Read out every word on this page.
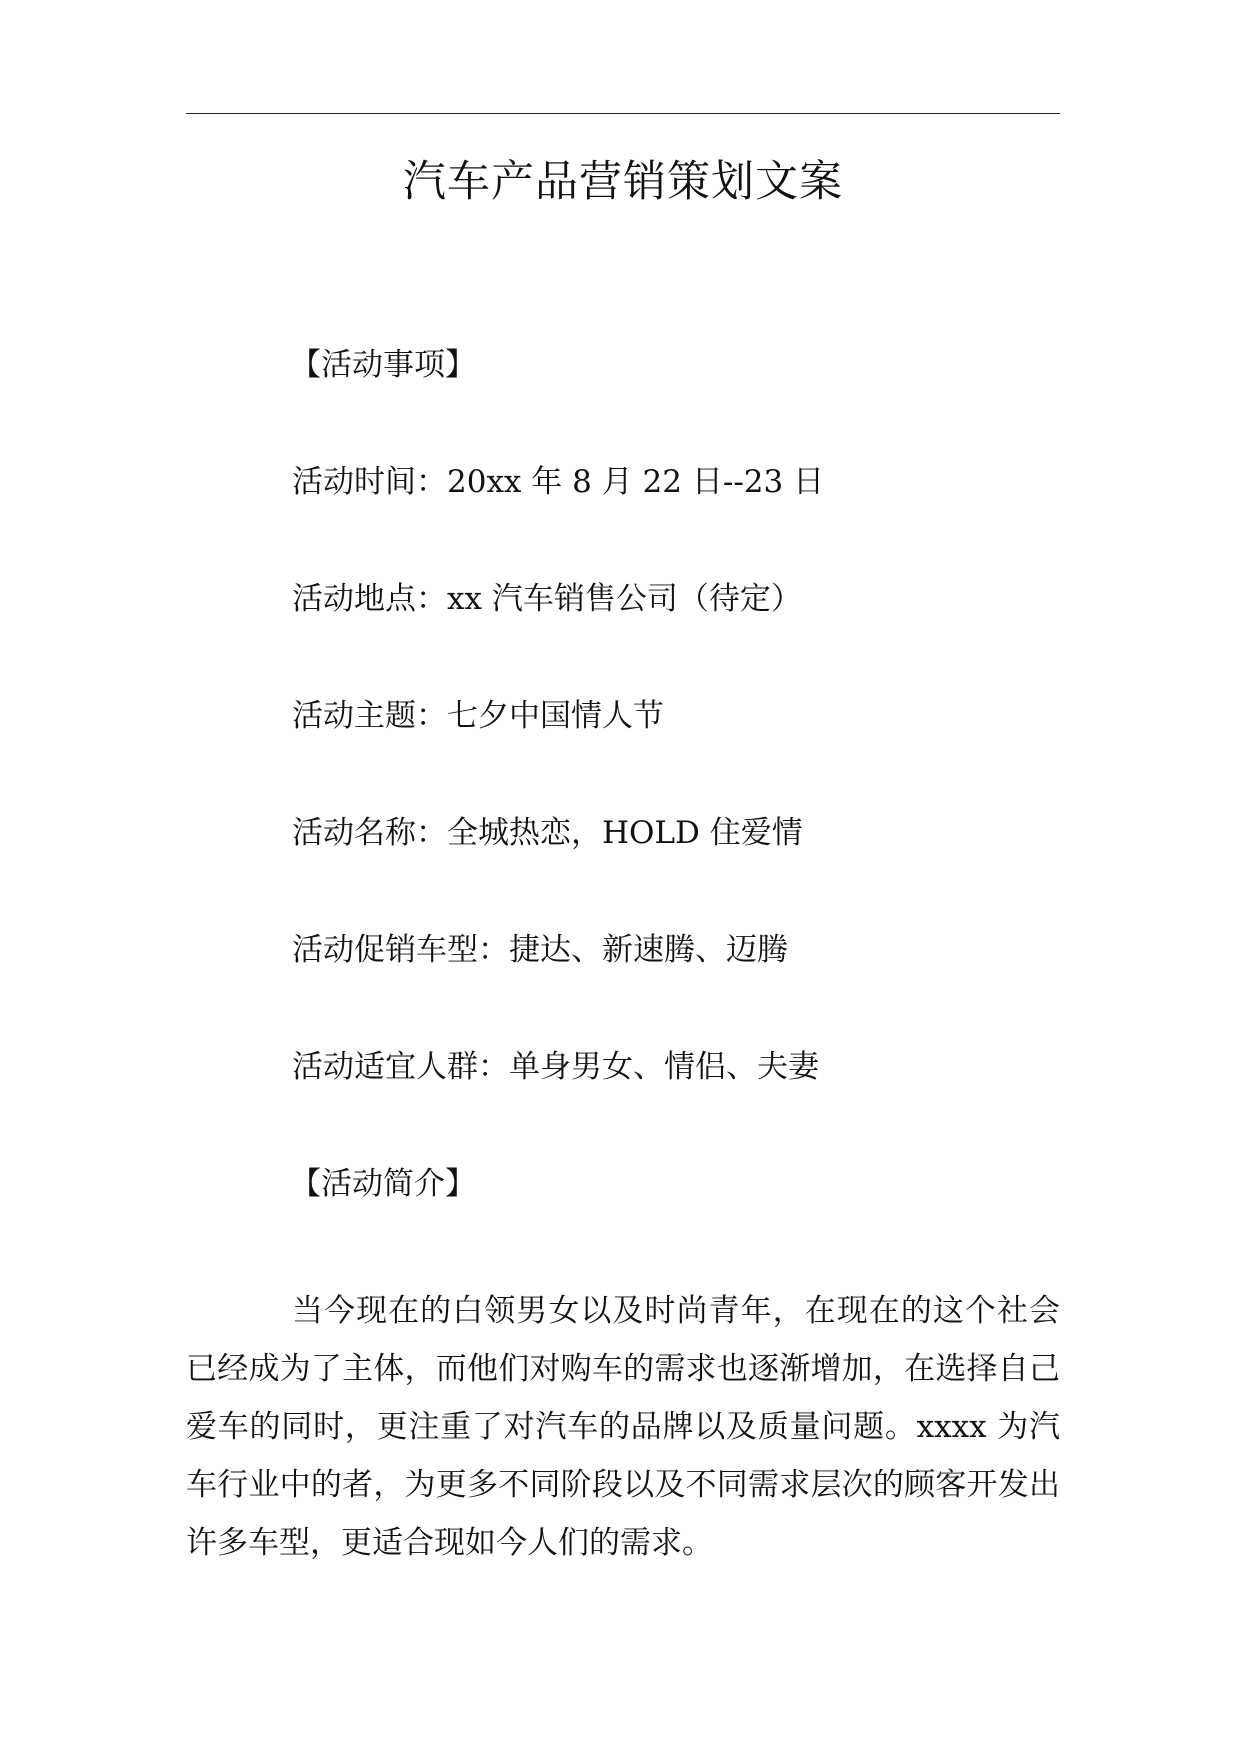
汽车产品营销策划文案

【活动事项】

活动时间：20xx 年 8 月 22 日--23 日

活动地点：xx 汽车销售公司（待定）

活动主题：七夕中国情人节

活动名称：全城热恋，HOLD 住爱情

活动促销车型：捷达、新速腾、迈腾

活动适宜人群：单身男女、情侣、夫妻

【活动简介】

当今现在的白领男女以及时尚青年，在现在的这个社会已经成为了主体，而他们对购车的需求也逐渐增加，在选择自己爱车的同时，更注重了对汽车的品牌以及质量问题。xxxx 为汽车行业中的者，为更多不同阶段以及不同需求层次的顾客开发出许多车型，更适合现如今人们的需求。
